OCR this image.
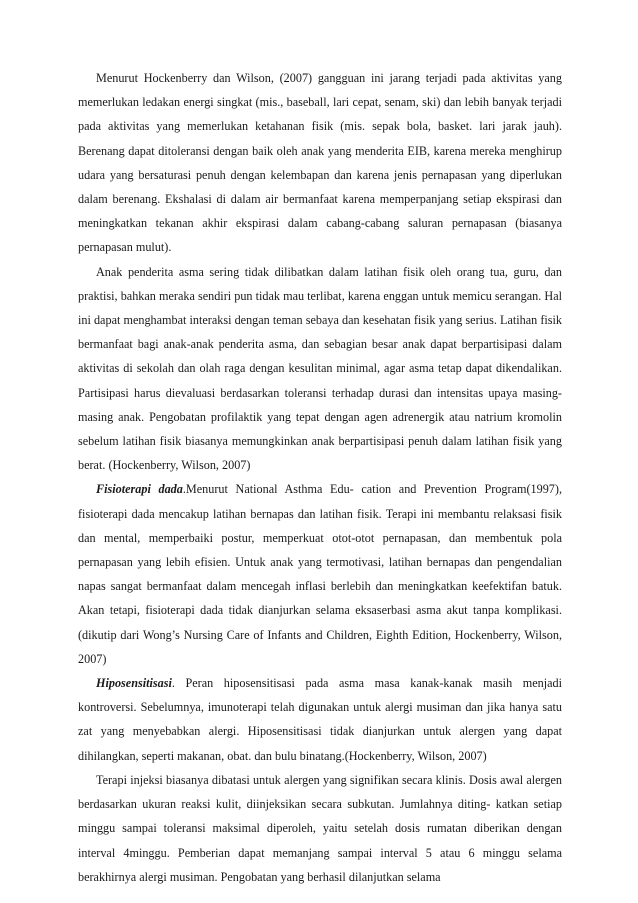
Menurut Hockenberry dan Wilson, (2007) gangguan ini jarang terjadi pada aktivitas yang memerlukan ledakan energi singkat (mis., baseball, lari cepat, senam, ski) dan lebih banyak terjadi pada aktivitas yang memerlukan ketahanan fisik (mis. sepak bola, basket. lari jarak jauh). Berenang dapat ditoleransi dengan baik oleh anak yang menderita EIB, karena mereka menghirup udara yang bersaturasi penuh dengan kelembapan dan karena jenis pernapasan yang diperlukan dalam berenang. Ekshalasi di dalam air bermanfaat karena memperpanjang setiap ekspirasi dan meningkatkan tekanan akhir ekspirasi dalam cabang-cabang saluran pernapasan (biasanya pernapasan mulut).

Anak penderita asma sering tidak dilibatkan dalam latihan fisik oleh orang tua, guru, dan praktisi, bahkan meraka sendiri pun tidak mau terlibat, karena enggan untuk memicu serangan. Hal ini dapat menghambat interaksi dengan teman sebaya dan kesehatan fisik yang serius. Latihan fisik bermanfaat bagi anak-anak penderita asma, dan sebagian besar anak dapat berpartisipasi dalam aktivitas di sekolah dan olah raga dengan kesulitan minimal, agar asma tetap dapat dikendalikan. Partisipasi harus dievaluasi berdasarkan toleransi terhadap durasi dan intensitas upaya masing-masing anak. Pengobatan profilaktik yang tepat dengan agen adrenergik atau natrium kromolin sebelum latihan fisik biasanya memungkinkan anak berpartisipasi penuh dalam latihan fisik yang berat. (Hockenberry, Wilson, 2007)

Fisioterapi dada.Menurut National Asthma Edu- cation and Prevention Program(1997), fisioterapi dada mencakup latihan bernapas dan latihan fisik. Terapi ini membantu relaksasi fisik dan mental, memperbaiki postur, memperkuat otot-otot pernapasan, dan membentuk pola pernapasan yang lebih efisien. Untuk anak yang termotivasi, latihan bernapas dan pengendalian napas sangat bermanfaat dalam mencegah inflasi berlebih dan meningkatkan keefektifan batuk. Akan tetapi, fisioterapi dada tidak dianjurkan selama eksaserbasi asma akut tanpa komplikasi. (dikutip dari Wong’s Nursing Care of Infants and Children, Eighth Edition, Hockenberry, Wilson, 2007)

Hiposensitisasi. Peran hiposensitisasi pada asma masa kanak-kanak masih menjadi kontroversi. Sebelumnya, imunoterapi telah digunakan untuk alergi musiman dan jika hanya satu zat yang menyebabkan alergi. Hiposensitisasi tidak dianjurkan untuk alergen yang dapat dihilangkan, seperti makanan, obat. dan bulu binatang.(Hockenberry, Wilson, 2007)

Terapi injeksi biasanya dibatasi untuk alergen yang signifikan secara klinis. Dosis awal alergen berdasarkan ukuran reaksi kulit, diinjeksikan secara subkutan. Jumlahnya diting- katkan setiap minggu sampai toleransi maksimal diperoleh, yaitu setelah dosis rumatan diberikan dengan interval 4minggu. Pemberian dapat memanjang sampai interval 5 atau 6 minggu selama berakhirnya alergi musiman. Pengobatan yang berhasil dilanjutkan selama
